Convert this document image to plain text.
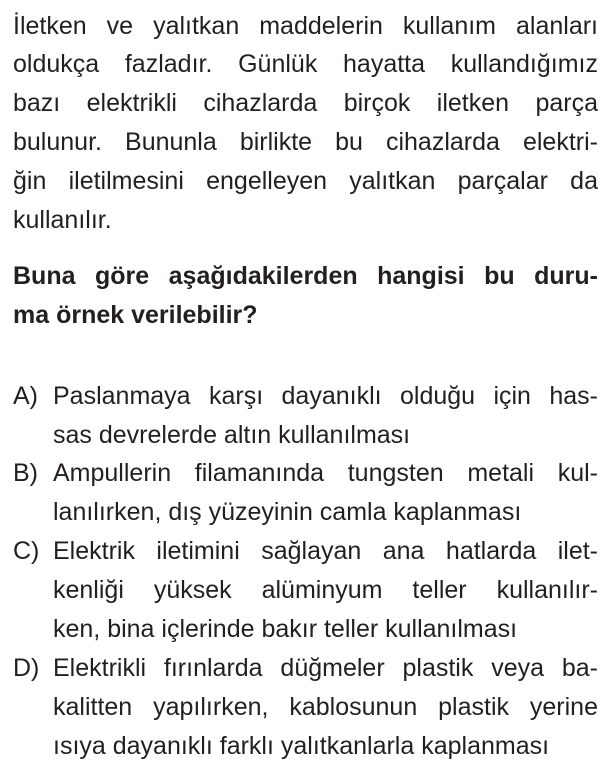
İletken ve yalıtkan maddelerin kullanım alanları
oldukça fazladır. Günlük hayatta kullandığımız
bazı elektrikli cihazlarda birçok iletken parça
bulunur. Bununla birlikte bu cihazlarda elektri-
ğin iletilmesini engelleyen yalıtkan parçalar da
kullanılır.
Buna göre aşağıdakilerden hangisi bu duru-
ma örnek verilebilir?
A) Paslanmaya karşı dayanıklı olduğu için has-
sas devrelerde altın kullanılması
B) Ampullerin filamanında tungsten metali kul-
lanılırken, dış yüzeyinin camla kaplanması
C) Elektrik iletimini sağlayan ana hatlarda ilet-
kenliği yüksek alüminyum teller kullanılır-
ken, bina içlerinde bakır teller kullanılması
D) Elektrikli fırınlarda düğmeler plastik veya ba-
kalitten yapılırken, kablosunun plastik yerine
ısıya dayanıklı farklı yalıtkanlarla kaplanması
